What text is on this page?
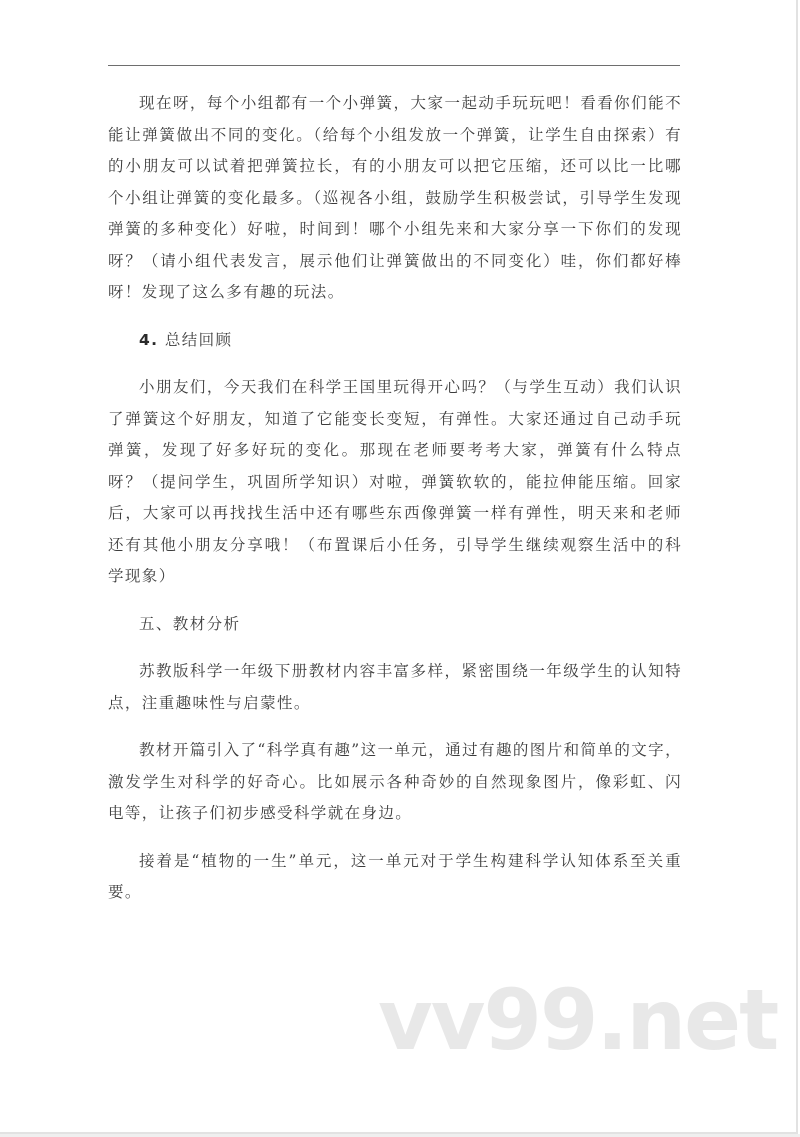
现在呀，每个小组都有一个小弹簧，大家一起动手玩玩吧！看看你们能不能让弹簧做出不同的变化。（给每个小组发放一个弹簧，让学生自由探索）有的小朋友可以试着把弹簧拉长，有的小朋友可以把它压缩，还可以比一比哪个小组让弹簧的变化最多。（巡视各小组，鼓励学生积极尝试，引导学生发现弹簧的多种变化）好啦，时间到！哪个小组先来和大家分享一下你们的发现呀？（请小组代表发言，展示他们让弹簧做出的不同变化）哇，你们都好棒呀！发现了这么多有趣的玩法。

4. 总结回顾

小朋友们，今天我们在科学王国里玩得开心吗？（与学生互动）我们认识了弹簧这个好朋友，知道了它能变长变短，有弹性。大家还通过自己动手玩弹簧，发现了好多好玩的变化。那现在老师要考考大家，弹簧有什么特点呀？（提问学生，巩固所学知识）对啦，弹簧软软的，能拉伸能压缩。回家后，大家可以再找找生活中还有哪些东西像弹簧一样有弹性，明天来和老师还有其他小朋友分享哦！（布置课后小任务，引导学生继续观察生活中的科学现象）

五、教材分析

苏教版科学一年级下册教材内容丰富多样，紧密围绕一年级学生的认知特点，注重趣味性与启蒙性。

教材开篇引入了“科学真有趣”这一单元，通过有趣的图片和简单的文字，激发学生对科学的好奇心。比如展示各种奇妙的自然现象图片，像彩虹、闪电等，让孩子们初步感受科学就在身边。

接着是“植物的一生”单元，这一单元对于学生构建科学认知体系至关重要。

vv99.net
